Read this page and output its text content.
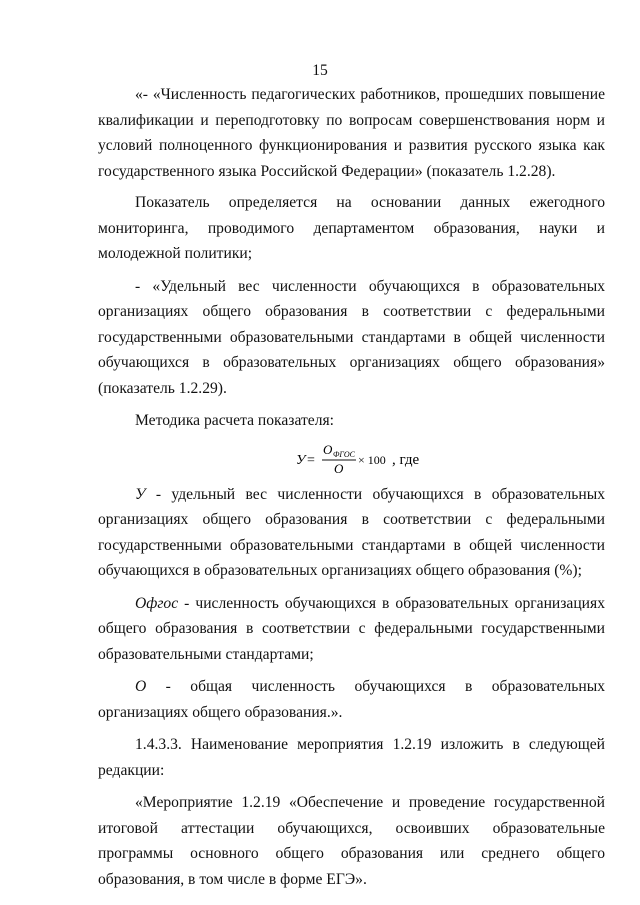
15

«- «Численность педагогических работников, прошедших повышение квалификации и переподготовку по вопросам совершенствования норм и условий полноценного функционирования и развития русского языка как государственного языка Российской Федерации» (показатель 1.2.28).

Показатель определяется на основании данных ежегодного мониторинга, проводимого департаментом образования, науки и молодежной политики;

- «Удельный вес численности обучающихся в образовательных организациях общего образования в соответствии с федеральными государственными образовательными стандартами в общей численности обучающихся в образовательных организациях общего образования» (показатель 1.2.29).

Методика расчета показателя:

У =
О ФГОС
О
× 100 , где

У - удельный вес численности обучающихся в образовательных организациях общего образования в соответствии с федеральными государственными образовательными стандартами в общей численности обучающихся в образовательных организациях общего образования (%);

Офгос - численность обучающихся в образовательных организациях общего образования в соответствии с федеральными государственными образовательными стандартами;

О - общая численность обучающихся в образовательных организациях общего образования.».

1.4.3.3. Наименование мероприятия 1.2.19 изложить в следующей редакции:

«Мероприятие 1.2.19 «Обеспечение и проведение государственной итоговой аттестации обучающихся, освоивших образовательные программы основного общего образования или среднего общего образования, в том числе в форме ЕГЭ».
